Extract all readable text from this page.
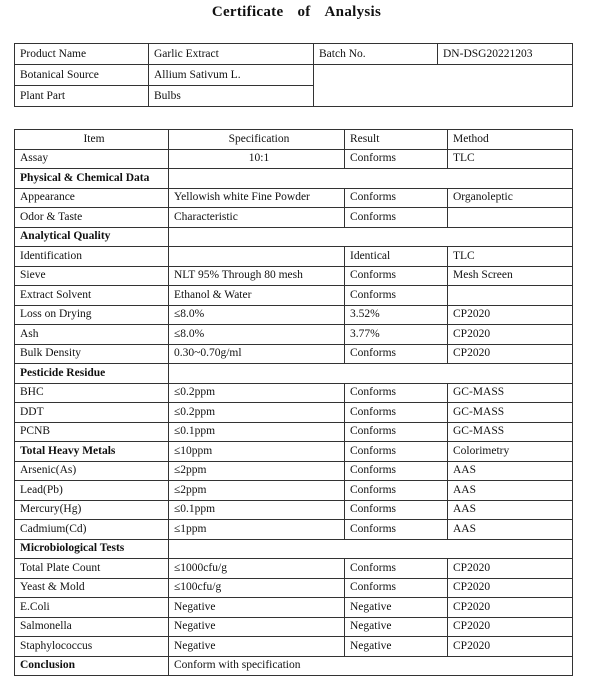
Certificate of Analysis
Product Name	Garlic Extract	Batch No.	DN-DSG20221203
Botanical Source	Allium Sativum L.		
Plant Part	Bulbs		
Item	Specification	Result	Method
Assay	10:1	Conforms	TLC
Physical & Chemical Data			
Appearance	Yellowish white Fine Powder	Conforms	Organoleptic
Odor & Taste	Characteristic	Conforms	
Analytical Quality			
Identification		Identical	TLC
Sieve	NLT 95% Through 80 mesh	Conforms	Mesh Screen
Extract Solvent	Ethanol & Water	Conforms	
Loss on Drying	≤8.0%	3.52%	CP2020
Ash	≤8.0%	3.77%	CP2020
Bulk Density	0.30~0.70g/ml	Conforms	CP2020
Pesticide Residue			
BHC	≤0.2ppm	Conforms	GC-MASS
DDT	≤0.2ppm	Conforms	GC-MASS
PCNB	≤0.1ppm	Conforms	GC-MASS
Total Heavy Metals	≤10ppm	Conforms	Colorimetry
Arsenic(As)	≤2ppm	Conforms	AAS
Lead(Pb)	≤2ppm	Conforms	AAS
Mercury(Hg)	≤0.1ppm	Conforms	AAS
Cadmium(Cd)	≤1ppm	Conforms	AAS
Microbiological Tests			
Total Plate Count	≤1000cfu/g	Conforms	CP2020
Yeast & Mold	≤100cfu/g	Conforms	CP2020
E.Coli	Negative	Negative	CP2020
Salmonella	Negative	Negative	CP2020
Staphylococcus	Negative	Negative	CP2020
Conclusion	Conform with specification		
